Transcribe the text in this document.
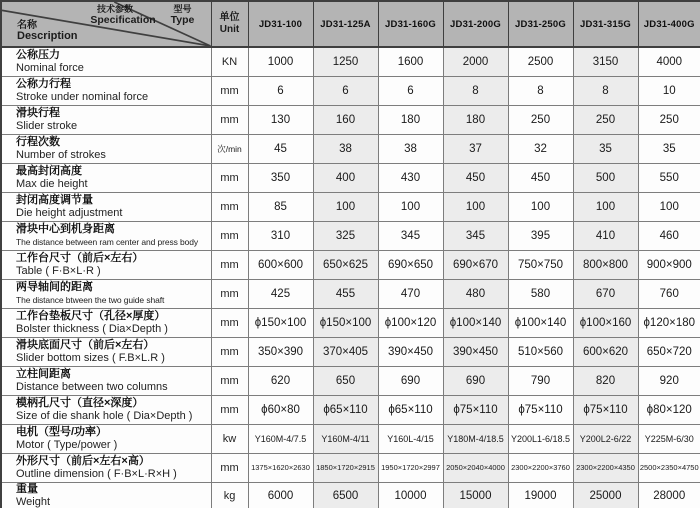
技术参数
Specification
型号
Type
名称
Description

单位
Unit	JD31-100	JD31-125A	JD31-160G	JD31-200G	JD31-250G	JD31-315G	JD31-400G

公称压力
Nominal force	KN	1000	1250	1600	2000	2500	3150	4000

公称力行程
Stroke under nominal force	mm	6	6	6	8	8	8	10

滑块行程
Slider stroke	mm	130	160	180	180	250	250	250

行程次数
Number of strokes	次/min	45	38	38	37	32	35	35

最高封闭高度
Max die height	mm	350	400	430	450	450	500	550

封闭高度调节量
Die height adjustment	mm	85	100	100	100	100	100	100

滑块中心到机身距离
The distance between ram center and press body	mm	310	325	345	345	395	410	460

工作台尺寸（前后×左右）
Table ( F·B×L·R )	mm	600×600	650×625	690×650	690×670	750×750	800×800	900×900

两导轴间的距离
The distance btween the two guide shaft	mm	425	455	470	480	580	670	760

工作台垫板尺寸（孔径×厚度）
Bolster thickness ( Dia×Depth )	mm	ϕ150×100	ϕ150×100	ϕ100×120	ϕ100×140	ϕ100×140	ϕ100×160	ϕ120×180

滑块底面尺寸（前后×左右）
Slider bottom sizes ( F.B×L.R )	mm	350×390	370×405	390×450	390×450	510×560	600×620	650×720

立柱间距离
Distance between two columns	mm	620	650	690	690	790	820	920

模柄孔尺寸（直径×深度）
Size of die shank hole ( Dia×Depth )	mm	ϕ60×80	ϕ65×110	ϕ65×110	ϕ75×110	ϕ75×110	ϕ75×110	ϕ80×120

电机（型号/功率）
Motor ( Type/power )	kw	Y160M-4/7.5	Y160M-4/11	Y160L-4/15	Y180M-4/18.5	Y200L1-6/18.5	Y200L2-6/22	Y225M-6/30

外形尺寸（前后×左右×高）
Outline dimension ( F·B×L·R×H )	mm	1375×1620×2630	1850×1720×2915	1950×1720×2997	2050×2040×4000	2300×2200×3760	2300×2200×4350	2500×2350×4750

重量
Weight	kg	6000	6500	10000	15000	19000	25000	28000
